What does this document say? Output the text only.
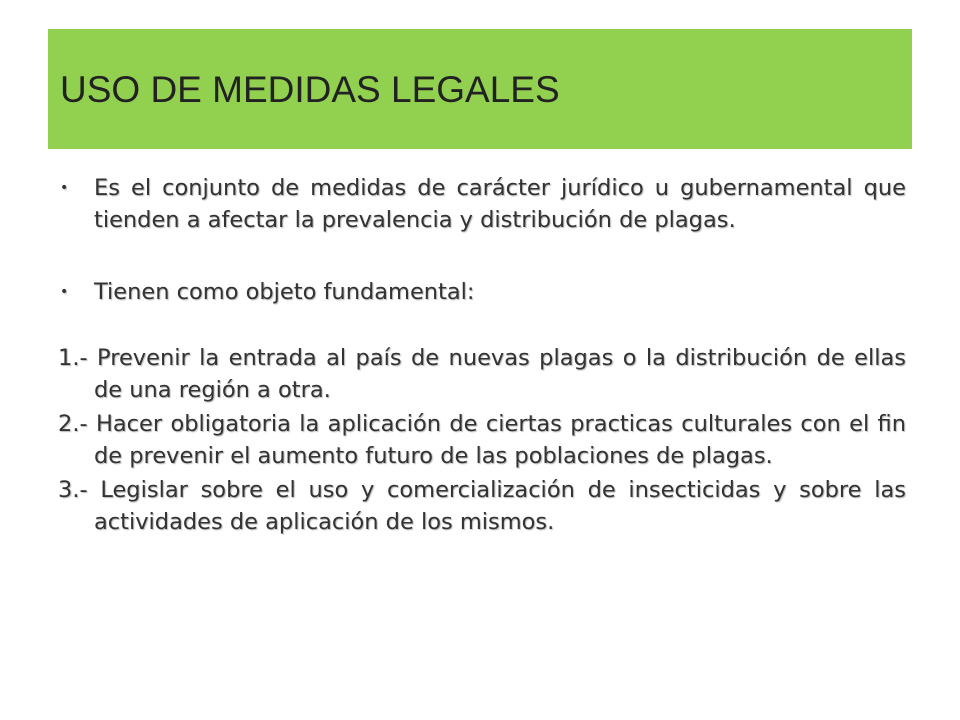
USO DE MEDIDAS LEGALES

• Es el conjunto de medidas de carácter jurídico u gubernamental que tienden a afectar la prevalencia y distribución de plagas.

• Tienen como objeto fundamental:

1.- Prevenir la entrada al país de nuevas plagas o la distribución de ellas de una región a otra.

2.- Hacer obligatoria la aplicación de ciertas practicas culturales con el fin de prevenir el aumento futuro de las poblaciones de plagas.

3.- Legislar sobre el uso y comercialización de insecticidas y sobre las actividades de aplicación de los mismos.
